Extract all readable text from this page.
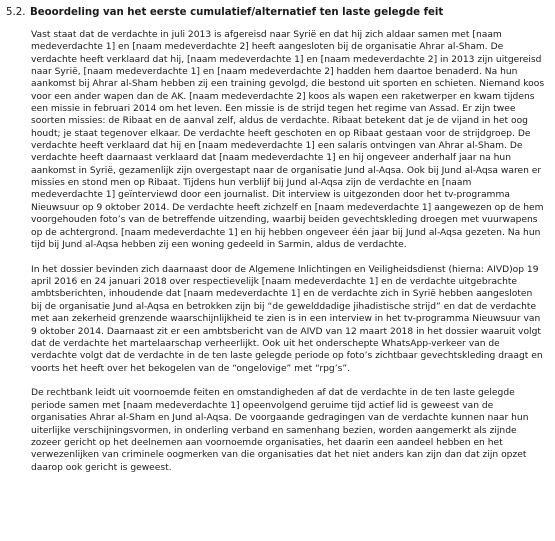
5.2. Beoordeling van het eerste cumulatief/alternatief ten laste gelegde feit

Vast staat dat de verdachte in juli 2013 is afgereisd naar Syrië en dat hij zich aldaar samen met [naam medeverdachte 1] en [naam medeverdachte 2] heeft aangesloten bij de organisatie Ahrar al-Sham. De verdachte heeft verklaard dat hij, [naam medeverdachte 1] en [naam medeverdachte 2] in 2013 zijn uitgereisd naar Syrië, [naam medeverdachte 1] en [naam medeverdachte 2] hadden hem daartoe benaderd. Na hun aankomst bij Ahrar al-Sham hebben zij een training gevolgd, die bestond uit sporten en schieten. Niemand koos voor een ander wapen dan de AK. [naam medeverdachte 2] koos als wapen een raketwerper en kwam tijdens een missie in februari 2014 om het leven. Een missie is de strijd tegen het regime van Assad. Er zijn twee soorten missies: de Ribaat en de aanval zelf, aldus de verdachte. Ribaat betekent dat je de vijand in het oog houdt; je staat tegenover elkaar. De verdachte heeft geschoten en op Ribaat gestaan voor de strijdgroep. De verdachte heeft verklaard dat hij en [naam medeverdachte 1] een salaris ontvingen van Ahrar al-Sham. De verdachte heeft daarnaast verklaard dat [naam medeverdachte 1] en hij ongeveer anderhalf jaar na hun aankomst in Syrië, gezamenlijk zijn overgestapt naar de organisatie Jund al-Aqsa. Ook bij Jund al-Aqsa waren er missies en stond men op Ribaat. Tijdens hun verblijf bij Jund al-Aqsa zijn de verdachte en [naam medeverdachte 1] geïnterviewd door een journalist. Dit interview is uitgezonden door het tv-programma Nieuwsuur op 9 oktober 2014. De verdachte heeft zichzelf en [naam medeverdachte 1] aangewezen op de hem voorgehouden foto’s van de betreffende uitzending, waarbij beiden gevechtskleding droegen met vuurwapens op de achtergrond. [naam medeverdachte 1] en hij hebben ongeveer één jaar bij Jund al-Aqsa gezeten. Na hun tijd bij Jund al-Aqsa hebben zij een woning gedeeld in Sarmin, aldus de verdachte.

In het dossier bevinden zich daarnaast door de Algemene Inlichtingen en Veiligheidsdienst (hierna: AIVD)op 19 april 2016 en 24 januari 2018 over respectievelijk [naam medeverdachte 1] en de verdachte uitgebrachte ambtsberichten, inhoudende dat [naam medeverdachte 1] en de verdachte zich in Syrië hebben aangesloten bij de organisatie Jund al-Aqsa en betrokken zijn bij “de gewelddadige jihadistische strijd” en dat de verdachte met aan zekerheid grenzende waarschijnlijkheid te zien is in een interview in het tv-programma Nieuwsuur van 9 oktober 2014. Daarnaast zit er een ambtsbericht van de AIVD van 12 maart 2018 in het dossier waaruit volgt dat de verdachte het martelaarschap verheerlijkt. Ook uit het onderschepte WhatsApp-verkeer van de verdachte volgt dat de verdachte in de ten laste gelegde periode op foto’s zichtbaar gevechtskleding draagt en voorts het heeft over het bekogelen van de “ongelovige” met “rpg’s”.

De rechtbank leidt uit voornoemde feiten en omstandigheden af dat de verdachte in de ten laste gelegde periode samen met [naam medeverdachte 1] opeenvolgend geruime tijd actief lid is geweest van de organisaties Ahrar al-Sham en Jund al-Aqsa. De voorgaande gedragingen van de verdachte kunnen naar hun uiterlijke verschijningsvormen, in onderling verband en samenhang bezien, worden aangemerkt als zijnde zozeer gericht op het deelnemen aan voornoemde organisaties, het daarin een aandeel hebben en het verwezenlijken van criminele oogmerken van die organisaties dat het niet anders kan zijn dan dat zijn opzet daarop ook gericht is geweest.
